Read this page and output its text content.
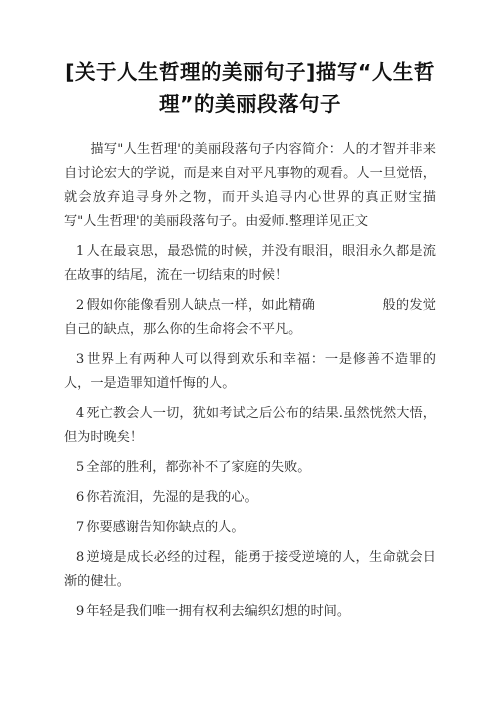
[关于人生哲理的美丽句子]描写“人生哲理”的美丽段落句子

描写"人生哲理'的美丽段落句子内容简介：人的才智并非来自讨论宏大的学说，而是来自对平凡事物的观看。人一旦觉悟，就会放弃追寻身外之物，而开头追寻内心世界的真正财宝描写"人生哲理'的美丽段落句子。由爱师.整理详见正文

1 人在最哀思，最恐慌的时候，并没有眼泪，眼泪永久都是流在故事的结尾，流在一切结束的时候！

2 假如你能像看别人缺点一样，如此精确　　　　　般的发觉自己的缺点，那么你的生命将会不平凡。

3 世界上有两种人可以得到欢乐和幸福：一是修善不造罪的人，一是造罪知道忏悔的人。

4 死亡教会人一切，犹如考试之后公布的结果.虽然恍然大悟，但为时晚矣！

5 全部的胜利，都弥补不了家庭的失败。

6 你若流泪，先湿的是我的心。

7 你要感谢告知你缺点的人。

8 逆境是成长必经的过程，能勇于接受逆境的人，生命就会日渐的健壮。

9 年轻是我们唯一拥有权利去编织幻想的时间。
